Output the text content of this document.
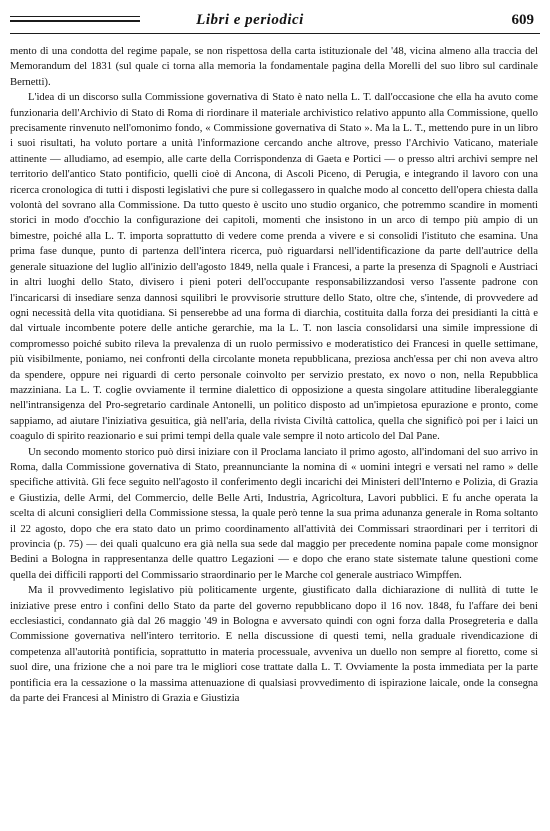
Libri e periodici	609

mento di una condotta del regime papale, se non rispettosa della carta istituzionale del '48, vicina almeno alla traccia del Memorandum del 1831 (sul quale ci torna alla memoria la fondamentale pagina della Morelli del suo libro sul cardinale Bernetti).

L'idea di un discorso sulla Commissione governativa di Stato è nato nella L. T. dall'occasione che ella ha avuto come funzionaria dell'Archivio di Stato di Roma di riordinare il materiale archivistico relativo appunto alla Commissione, quello precisamente rinvenuto nell'omonimo fondo, « Commissione governativa di Stato ». Ma la L. T., mettendo pure in un libro i suoi risultati, ha voluto portare a unità l'informazione cercando anche altrove, presso l'Archivio Vaticano, materiale attinente — alludiamo, ad esempio, alle carte della Corrispondenza di Gaeta e Portici — o presso altri archivi sempre nel territorio dell'antico Stato pontificio, quelli cioè di Ancona, di Ascoli Piceno, di Perugia, e integrando il lavoro con una ricerca cronologica di tutti i disposti legislativi che pure si collegassero in qualche modo al concetto dell'opera chiesta dalla volontà del sovrano alla Commissione. Da tutto questo è uscito uno studio organico, che potremmo scandire in momenti storici in modo d'occhio la configurazione dei capitoli, momenti che insistono in un arco di tempo più ampio di un bimestre, poiché alla L. T. importa soprattutto di vedere come prenda a vivere e si consolidi l'istituto che esamina. Una prima fase dunque, punto di partenza dell'intera ricerca, può riguardarsi nell'identificazione da parte dell'autrice della generale situazione del luglio all'inizio dell'agosto 1849, nella quale i Francesi, a parte la presenza di Spagnoli e Austriaci in altri luoghi dello Stato, divisero i pieni poteri dell'occupante responsabilizzandosi verso l'assente padrone con l'incaricarsi di insediare senza dannosi squilibri le provvisorie strutture dello Stato, oltre che, s'intende, di provvedere ad ogni necessità della vita quotidiana. Si penserebbe ad una forma di diarchia, costituita dalla forza dei presidianti la città e dal virtuale incombente potere delle antiche gerarchie, ma la L. T. non lascia consolidarsi una simile impressione di compromesso poiché subito rileva la prevalenza di un ruolo permissivo e moderatistico dei Francesi in quelle settimane, più visibilmente, poniamo, nei confronti della circolante moneta repubblicana, preziosa anch'essa per chi non aveva altro da spendere, oppure nei riguardi di certo personale coinvolto per servizio prestato, ex novo o non, nella Repubblica mazziniana. La L. T. coglie ovviamente il termine dialettico di opposizione a questa singolare attitudine liberaleggiante nell'intransigenza del Pro-segretario cardinale Antonelli, un politico disposto ad un'impietosa epurazione e pronto, come sappiamo, ad aiutare l'iniziativa gesuitica, già nell'aria, della rivista Civiltà cattolica, quella che significò poi per i laici un coagulo di spirito reazionario e sui primi tempi della quale vale sempre il noto articolo del Dal Pane.

Un secondo momento storico può dirsi iniziare con il Proclama lanciato il primo agosto, all'indomani del suo arrivo in Roma, dalla Commissione governativa di Stato, preannunciante la nomina di « uomini integri e versati nel ramo » delle specifiche attività. Gli fece seguito nell'agosto il conferimento degli incarichi dei Ministeri dell'Interno e Polizia, di Grazia e Giustizia, delle Armi, del Commercio, delle Belle Arti, Industria, Agricoltura, Lavori pubblici. E fu anche operata la scelta di alcuni consiglieri della Commissione stessa, la quale però tenne la sua prima adunanza generale in Roma soltanto il 22 agosto, dopo che era stato dato un primo coordinamento all'attività dei Commissari straordinari per i territori di provincia (p. 75) — dei quali qualcuno era già nella sua sede dal maggio per precedente nomina papale come monsignor Bedini a Bologna in rappresentanza delle quattro Legazioni — e dopo che erano state sistemate talune questioni come quella dei difficili rapporti del Commissario straordinario per le Marche col generale austriaco Wimpffen.

Ma il provvedimento legislativo più politicamente urgente, giustificato dalla dichiarazione di nullità di tutte le iniziative prese entro i confini dello Stato da parte del governo repubblicano dopo il 16 nov. 1848, fu l'affare dei beni ecclesiastici, condannato già dal 26 maggio '49 in Bologna e avversato quindi con ogni forza dalla Prosegreteria e dalla Commissione governativa nell'intero territorio. E nella discussione di questi temi, nella graduale rivendicazione di competenza all'autorità pontificia, soprattutto in materia processuale, avveniva un duello non sempre al fioretto, come si suol dire, una frizione che a noi pare tra le migliori cose trattate dalla L. T. Ovviamente la posta immediata per la parte pontificia era la cessazione o la massima attenuazione di qualsiasi provvedimento di ispirazione laicale, onde la consegna da parte dei Francesi al Ministro di Grazia e Giustizia
